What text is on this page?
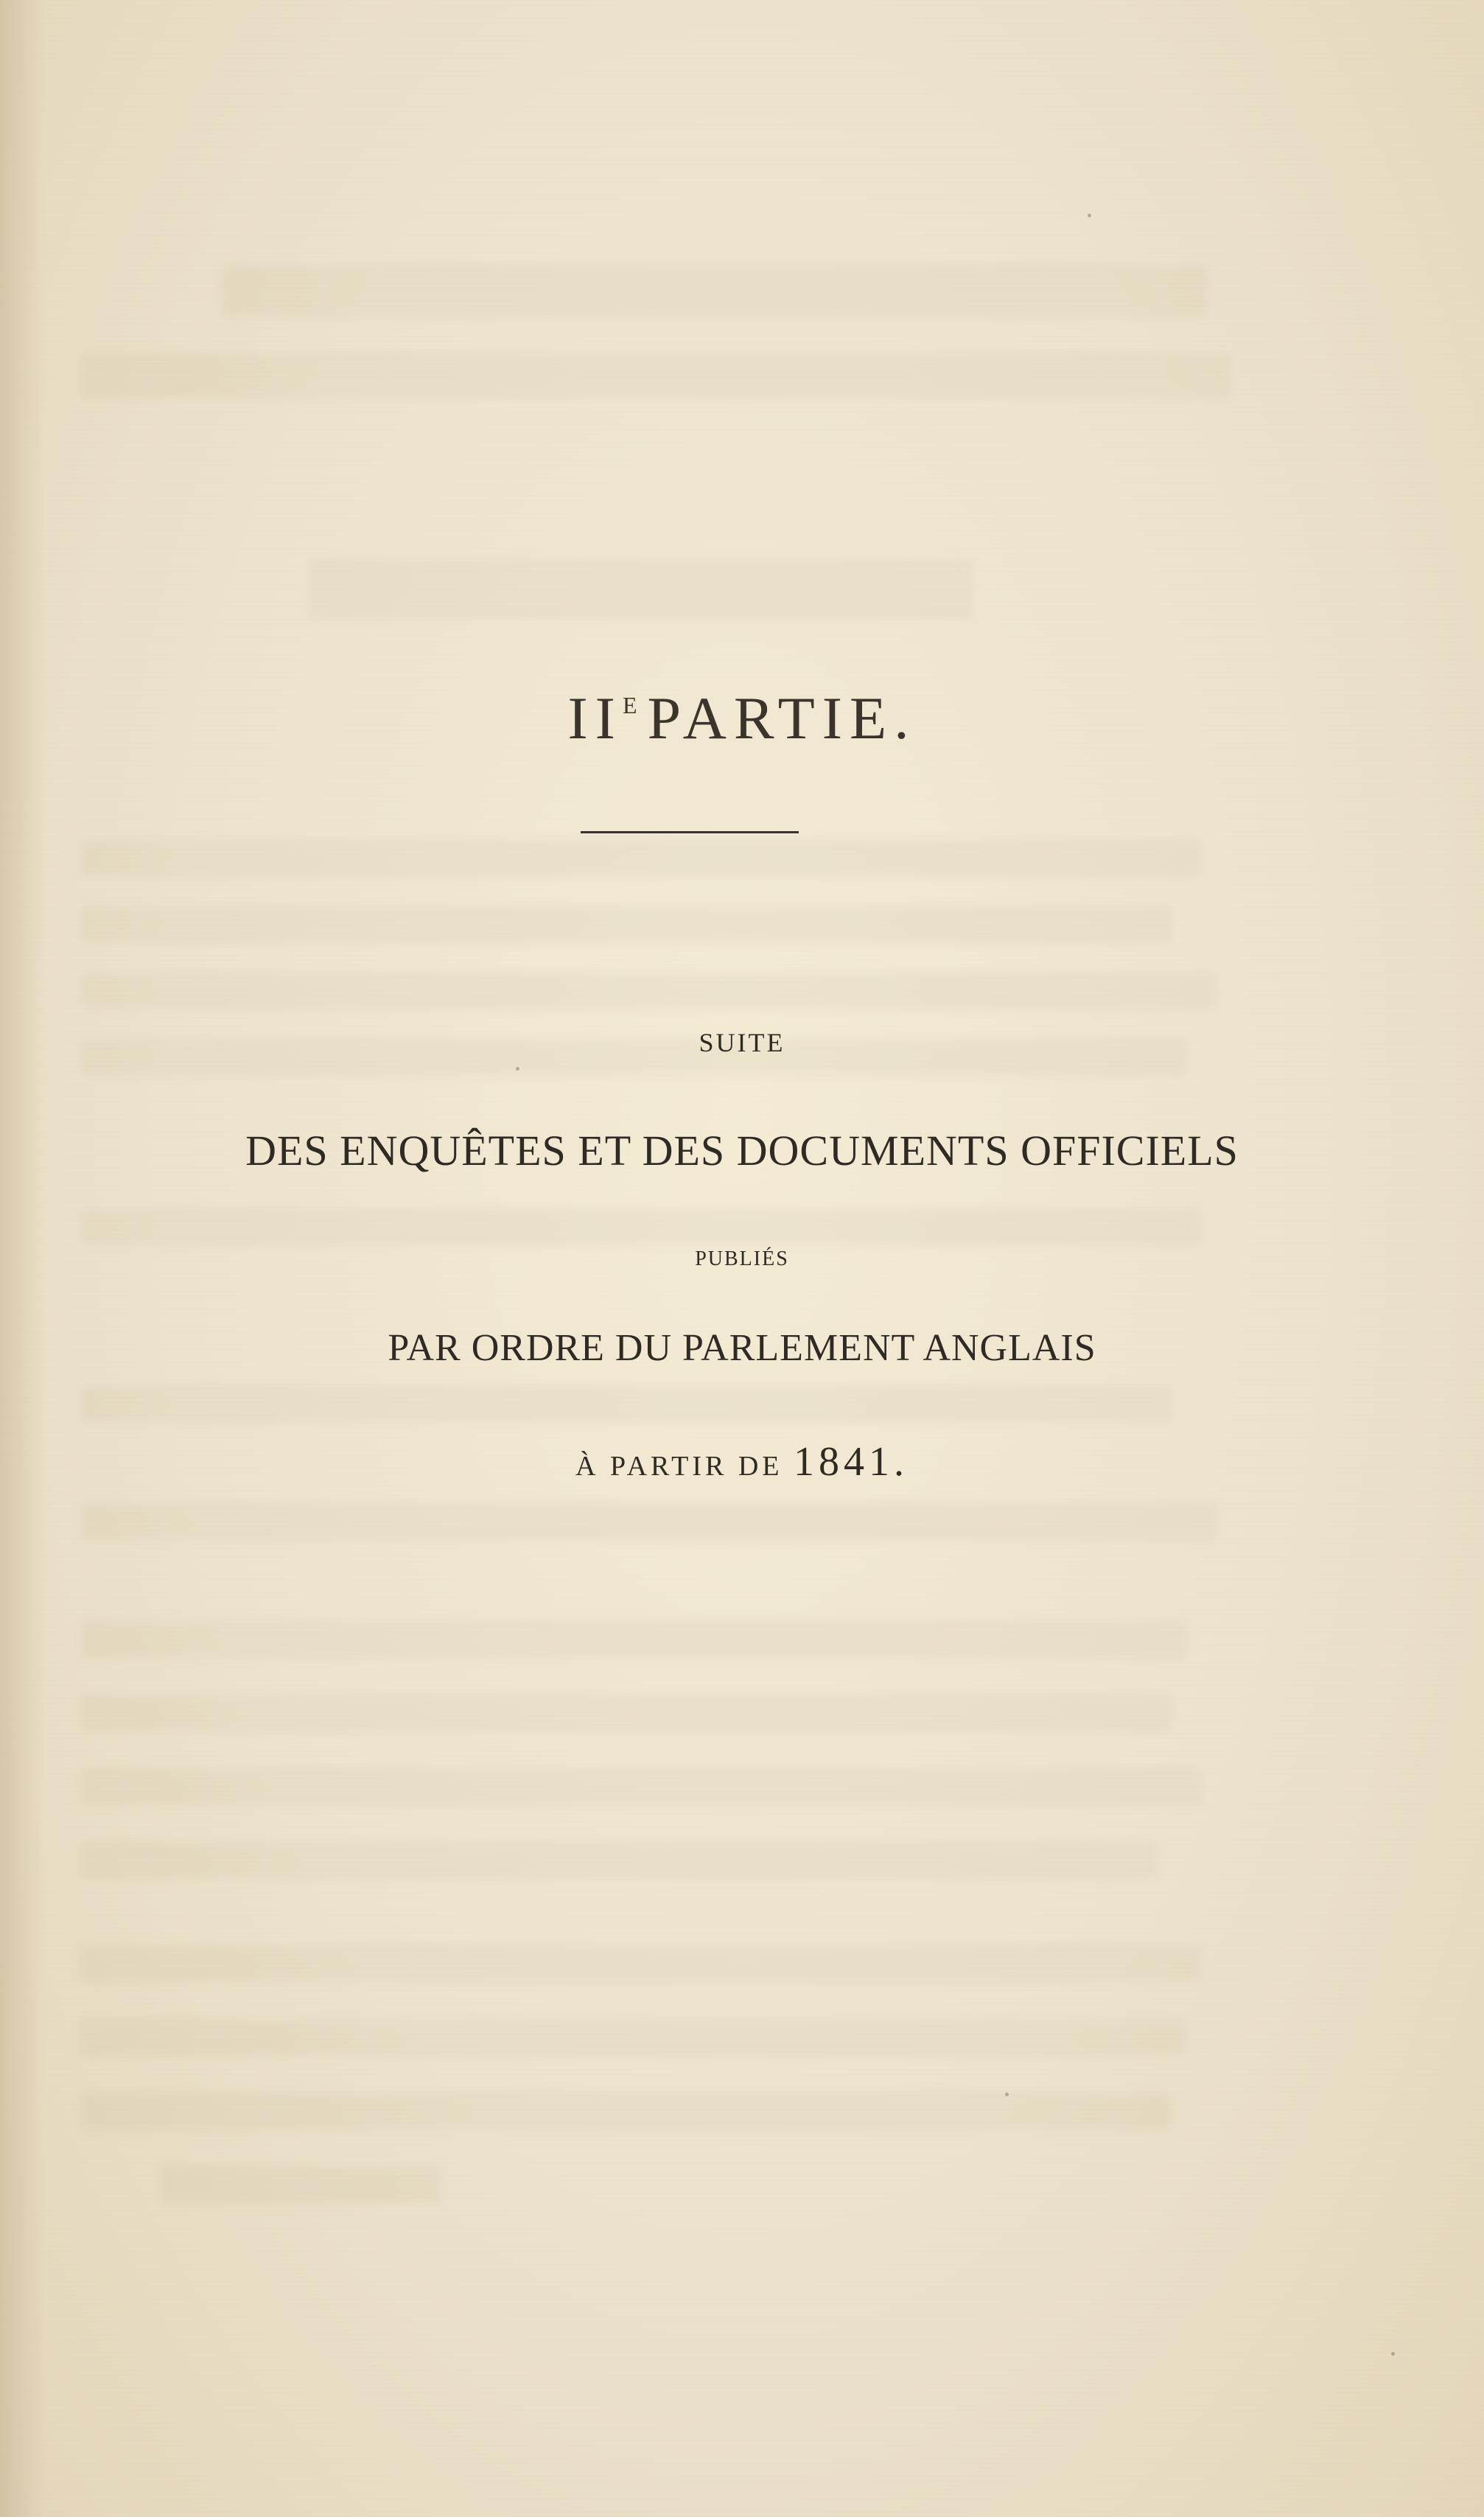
$II^E$ PARTIE.
SUITE
DES ENQUÊTES ET DES DOCUMENTS OFFICIELS
PUBLIÉS
PAR ORDRE DU PARLEMENT ANGLAIS
À PARTIR DE 1841.
